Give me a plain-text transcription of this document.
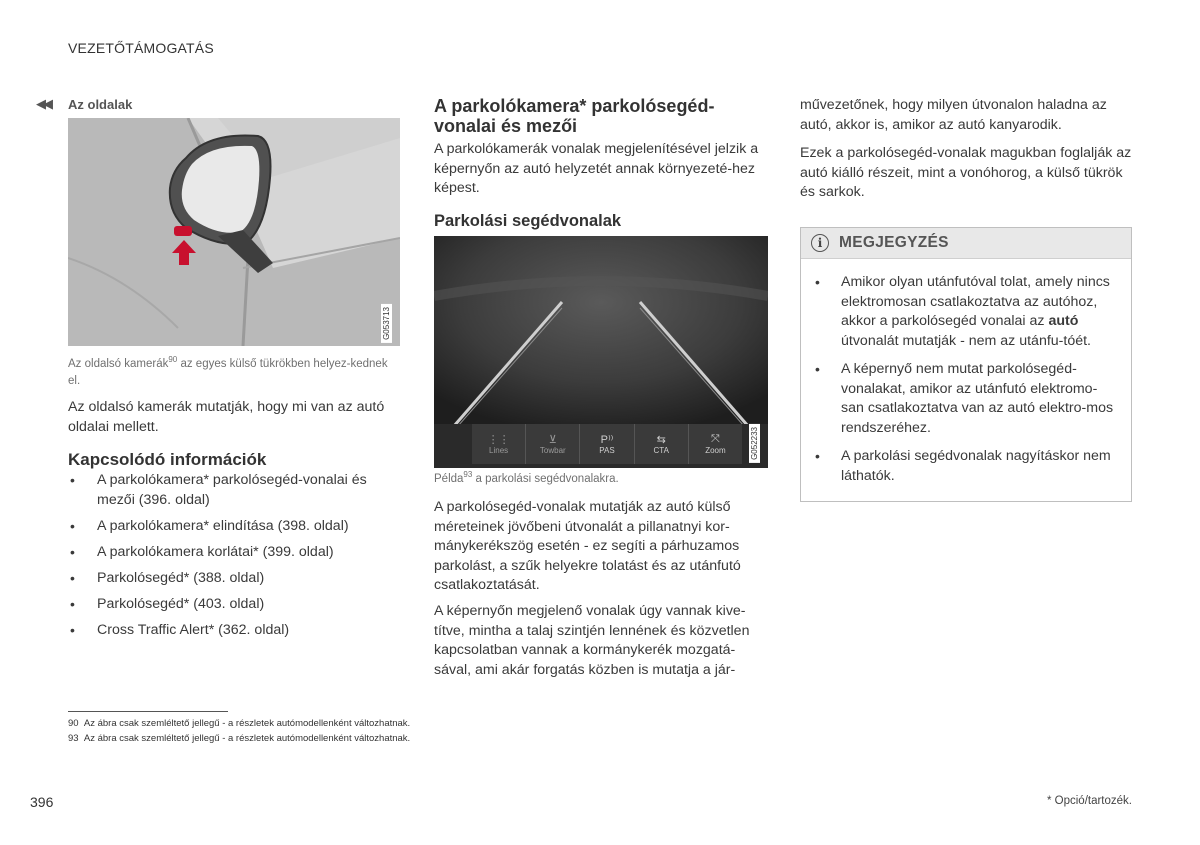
VEZETŐTÁMOGATÁS
◀◀	Az oldalak
G053713
Az oldalsó kamerák$^{90}$ az egyes külső tükrökben helyez-kednek el.
Az oldalsó kamerák mutatják, hogy mi van az autó oldalai mellett.
Kapcsolódó információk
• A parkolókamera* parkolósegéd-vonalai és mezői (396. oldal)
• A parkolókamera* elindítása (398. oldal)
• A parkolókamera korlátai* (399. oldal)
• Parkolósegéd* (388. oldal)
• Parkolósegéd* (403. oldal)
• Cross Traffic Alert* (362. oldal)
A parkolókamera* parkolósegéd-vonalai és mezői
A parkolókamerák vonalak megjelenítésével jelzik a képernyőn az autó helyzetét annak környezeté-hez képest.
Parkolási segédvonalak
⋮⋮
Lines
⊻
Towbar
P⁾⁾
PAS
⇆
CTA
⤧
Zoom	G052233
Példa$^{93}$ a parkolási segédvonalakra.
A parkolósegéd-vonalak mutatják az autó külső méreteinek jövőbeni útvonalát a pillanatnyi kor-mánykerékszög esetén - ez segíti a párhuzamos parkolást, a szűk helyekre tolatást és az utánfutó csatlakoztatását.
A képernyőn megjelenő vonalak úgy vannak kive-títve, mintha a talaj szintjén lennének és közvetlen kapcsolatban vannak a kormánykerék mozgatá-sával, ami akár forgatás közben is mutatja a jár-
művezetőnek, hogy milyen útvonalon haladna az autó, akkor is, amikor az autó kanyarodik.
Ezek a parkolósegéd-vonalak magukban foglalják az autó kiálló részeit, mint a vonóhorog, a külső tükrök és sarkok.
i	MEGJEGYZÉS
• Amikor olyan utánfutóval tolat, amely nincs elektromosan csatlakoztatva az autóhoz, akkor a parkolósegéd vonalai az autó útvonalát mutatják - nem az utánfu-tóét.
• A képernyő nem mutat parkolósegéd-vonalakat, amikor az utánfutó elektromo-san csatlakoztatva van az autó elektro-mos rendszeréhez.
• A parkolási segédvonalak nagyításkor nem láthatók.
90 Az ábra csak szemléltető jellegű - a részletek autómodellenként változhatnak.
93 Az ábra csak szemléltető jellegű - a részletek autómodellenként változhatnak.
396	* Opció/tartozék.
